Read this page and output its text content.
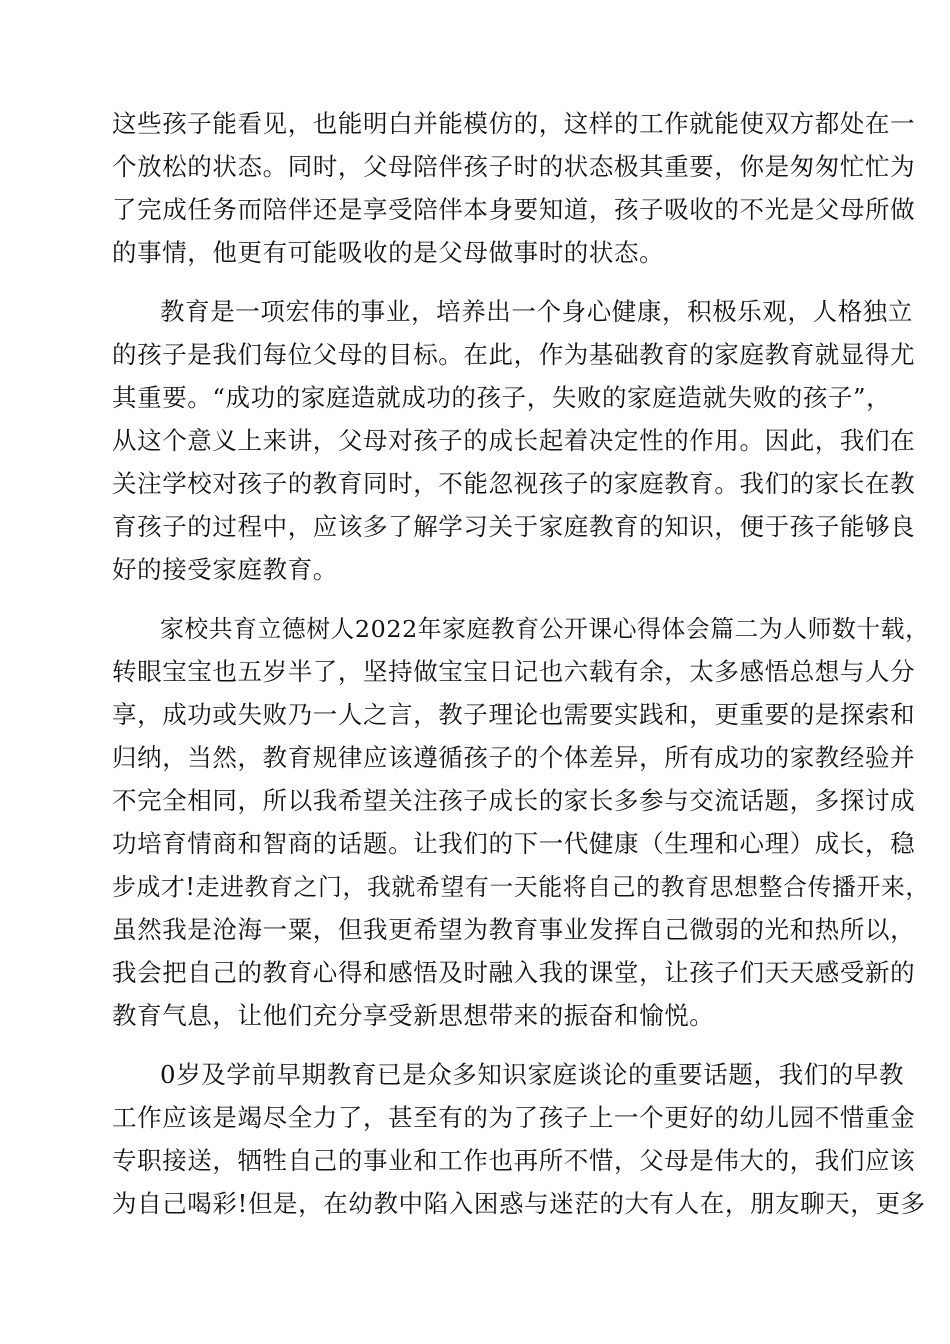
这些孩子能看见，也能明白并能模仿的，这样的工作就能使双方都处在一
个放松的状态。同时，父母陪伴孩子时的状态极其重要，你是匆匆忙忙为
了完成任务而陪伴还是享受陪伴本身要知道，孩子吸收的不光是父母所做
的事情，他更有可能吸收的是父母做事时的状态。
教育是一项宏伟的事业，培养出一个身心健康，积极乐观，人格独立
的孩子是我们每位父母的目标。在此，作为基础教育的家庭教育就显得尤
其重要。“成功的家庭造就成功的孩子，失败的家庭造就失败的孩子”，
从这个意义上来讲，父母对孩子的成长起着决定性的作用。因此，我们在
关注学校对孩子的教育同时，不能忽视孩子的家庭教育。我们的家长在教
育孩子的过程中，应该多了解学习关于家庭教育的知识，便于孩子能够良
好的接受家庭教育。
家校共育立德树人2022年家庭教育公开课心得体会篇二为人师数十载，
转眼宝宝也五岁半了，坚持做宝宝日记也六载有余，太多感悟总想与人分
享，成功或失败乃一人之言，教子理论也需要实践和，更重要的是探索和
归纳，当然，教育规律应该遵循孩子的个体差异，所有成功的家教经验并
不完全相同，所以我希望关注孩子成长的家长多参与交流话题，多探讨成
功培育情商和智商的话题。让我们的下一代健康（生理和心理）成长，稳
步成才!走进教育之门，我就希望有一天能将自己的教育思想整合传播开来，
虽然我是沧海一粟，但我更希望为教育事业发挥自己微弱的光和热所以，
我会把自己的教育心得和感悟及时融入我的课堂，让孩子们天天感受新的
教育气息，让他们充分享受新思想带来的振奋和愉悦。
0岁及学前早期教育已是众多知识家庭谈论的重要话题，我们的早教
工作应该是竭尽全力了，甚至有的为了孩子上一个更好的幼儿园不惜重金
专职接送，牺牲自己的事业和工作也再所不惜，父母是伟大的，我们应该
为自己喝彩!但是，在幼教中陷入困惑与迷茫的大有人在，朋友聊天，更多
